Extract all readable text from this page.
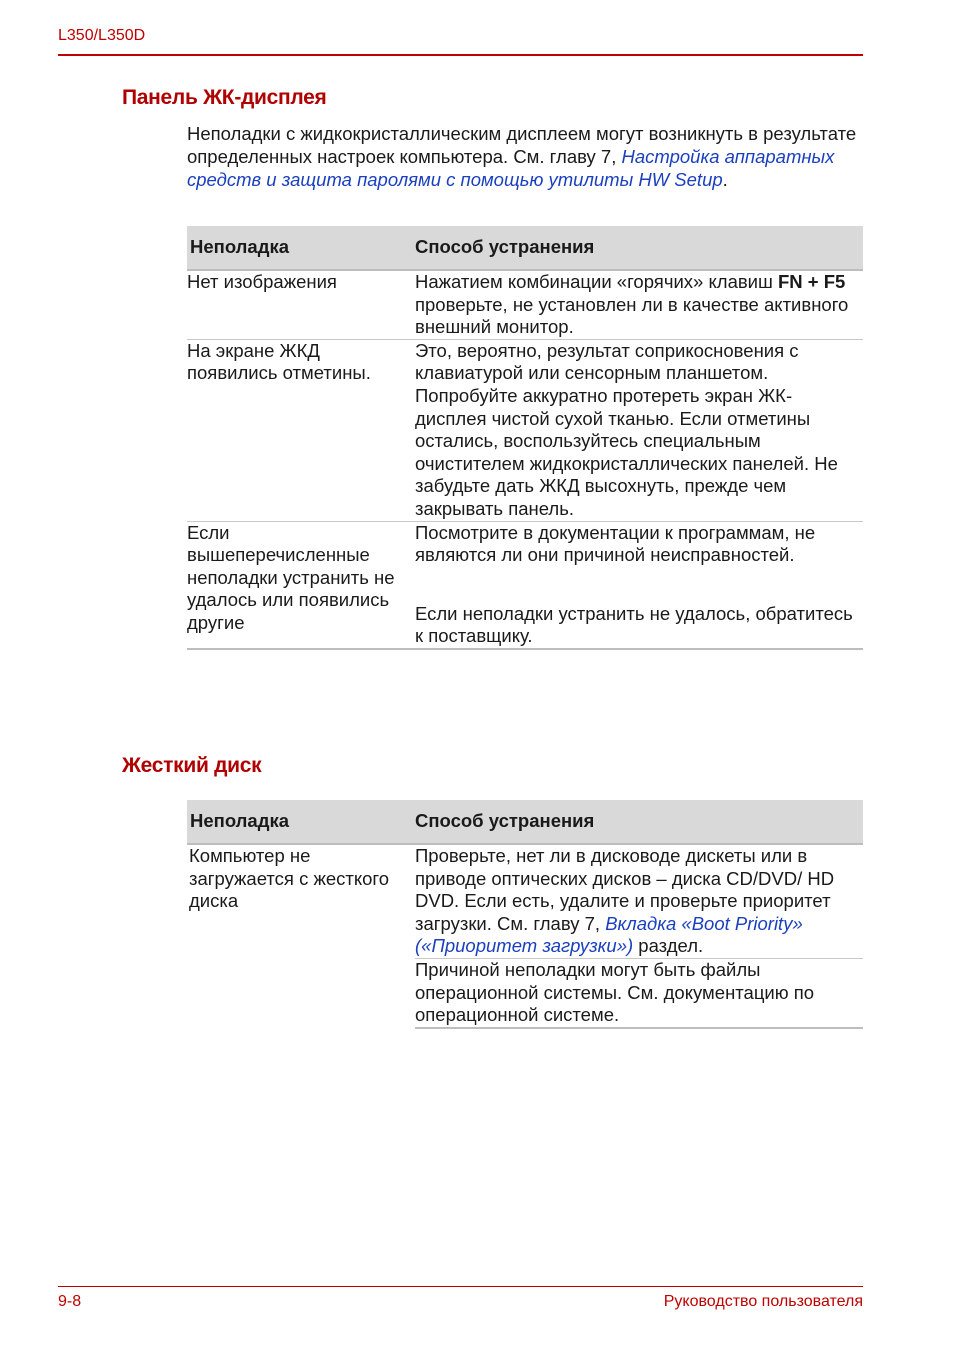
L350/L350D
Панель ЖК-дисплея
Неполадки с жидкокристаллическим дисплеем могут возникнуть в результате определенных настроек компьютера. См. главу 7, Настройка аппаратных средств и защита паролями с помощью утилиты HW Setup.
Неполадка	Способ устранения
Нет изображения	Нажатием комбинации «горячих» клавиш FN + F5 проверьте, не установлен ли в качестве активного внешний монитор.
На экране ЖКД появились отметины.	Это, вероятно, результат соприкосновения с клавиатурой или сенсорным планшетом. Попробуйте аккуратно протереть экран ЖК-дисплея чистой сухой тканью. Если отметины остались, воспользуйтесь специальным очистителем жидкокристаллических панелей. Не забудьте дать ЖКД высохнуть, прежде чем закрывать панель.
Если вышеперечисленные неполадки устранить не удалось или появились другие	Посмотрите в документации к программам, не являются ли они причиной неисправностей.
Если неполадки устранить не удалось, обратитесь к поставщику.
Жесткий диск
Неполадка	Способ устранения
Компьютер не загружается с жесткого диска	Проверьте, нет ли в дисководе дискеты или в приводе оптических дисков – диска CD/DVD/ HD DVD. Если есть, удалите и проверьте приоритет загрузки. См. главу 7, Вкладка «Boot Priority» («Приоритет загрузки») раздел.
	Причиной неполадки могут быть файлы операционной системы. См. документацию по операционной системе.
9-8	Руководство пользователя
